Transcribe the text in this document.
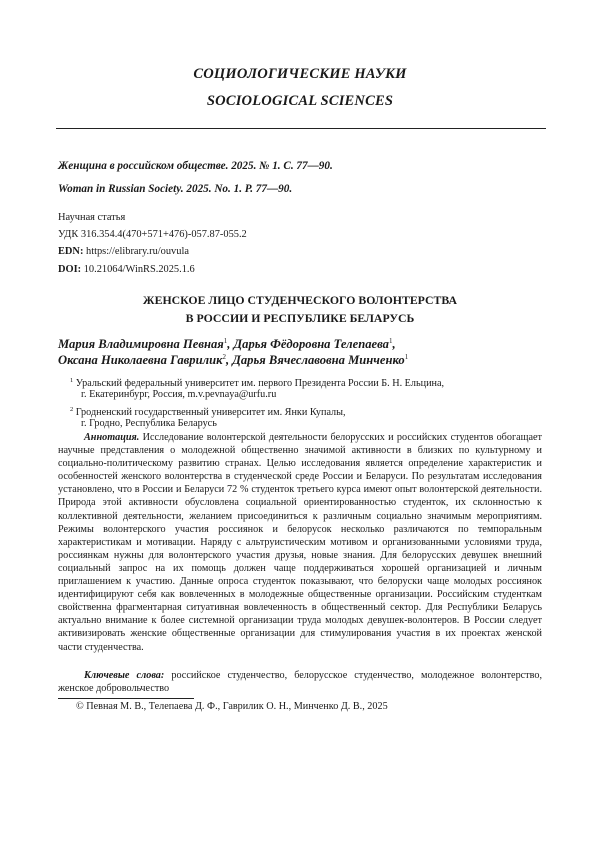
СОЦИОЛОГИЧЕСКИЕ НАУКИ
SOCIOLOGICAL SCIENCES
Женщина в российском обществе. 2025. № 1. С. 77—90.
Woman in Russian Society. 2025. No. 1. P. 77—90.
Научная статья
УДК 316.354.4(470+571+476)-057.87-055.2
EDN: https://elibrary.ru/ouvula
DOI: 10.21064/WinRS.2025.1.6
ЖЕНСКОЕ ЛИЦО СТУДЕНЧЕСКОГО ВОЛОНТЕРСТВА
В РОССИИ И РЕСПУБЛИКЕ БЕЛАРУСЬ
Мария Владимировна Певная1, Дарья Фёдоровна Телепаева1,
Оксана Николаевна Гаврилик2, Дарья Вячеславовна Минченко1
1 Уральский федеральный университет им. первого Президента России Б. Н. Ельцина,
г. Екатеринбург, Россия, m.v.pevnaya@urfu.ru
2 Гродненский государственный университет им. Янки Купалы,
г. Гродно, Республика Беларусь
Аннотация. Исследование волонтерской деятельности белорусских и российских студентов обогащает научные представления о молодежной общественно значимой активности в близких по культурному и социально-политическому развитию странах. Целью исследования является определение характеристик и особенностей женского волонтерства в студенческой среде России и Беларуси. По результатам исследования установлено, что в России и Беларуси 72 % студенток третьего курса имеют опыт волонтерской деятельности. Природа этой активности обусловлена социальной ориентированностью студенток, их склонностью к коллективной деятельности, желанием присоединиться к различным социально значимым мероприятиям. Режимы волонтерского участия россиянок и белорусок несколько различаются по темпоральным характеристикам и мотивации. Наряду с альтруистическим мотивом и организованными условиями труда, россиянкам нужны для волонтерского участия друзья, новые знания. Для белорусских девушек внешний социальный запрос на их помощь должен чаще поддерживаться хорошей организацией и личным приглашением к участию. Данные опроса студенток показывают, что белоруски чаще молодых россиянок идентифицируют себя как вовлеченных в молодежные общественные организации. Российским студенткам свойственна фрагментарная ситуативная вовлеченность в общественный сектор. Для Республики Беларусь актуально внимание к более системной организации труда молодых девушек-волонтеров. В России следует активизировать женские общественные организации для стимулирования участия в их проектах женской части студенчества.
Ключевые слова: российское студенчество, белорусское студенчество, молодежное волонтерство, женское добровольчество
© Певная М. В., Телепаева Д. Ф., Гаврилик О. Н., Минченко Д. В., 2025
